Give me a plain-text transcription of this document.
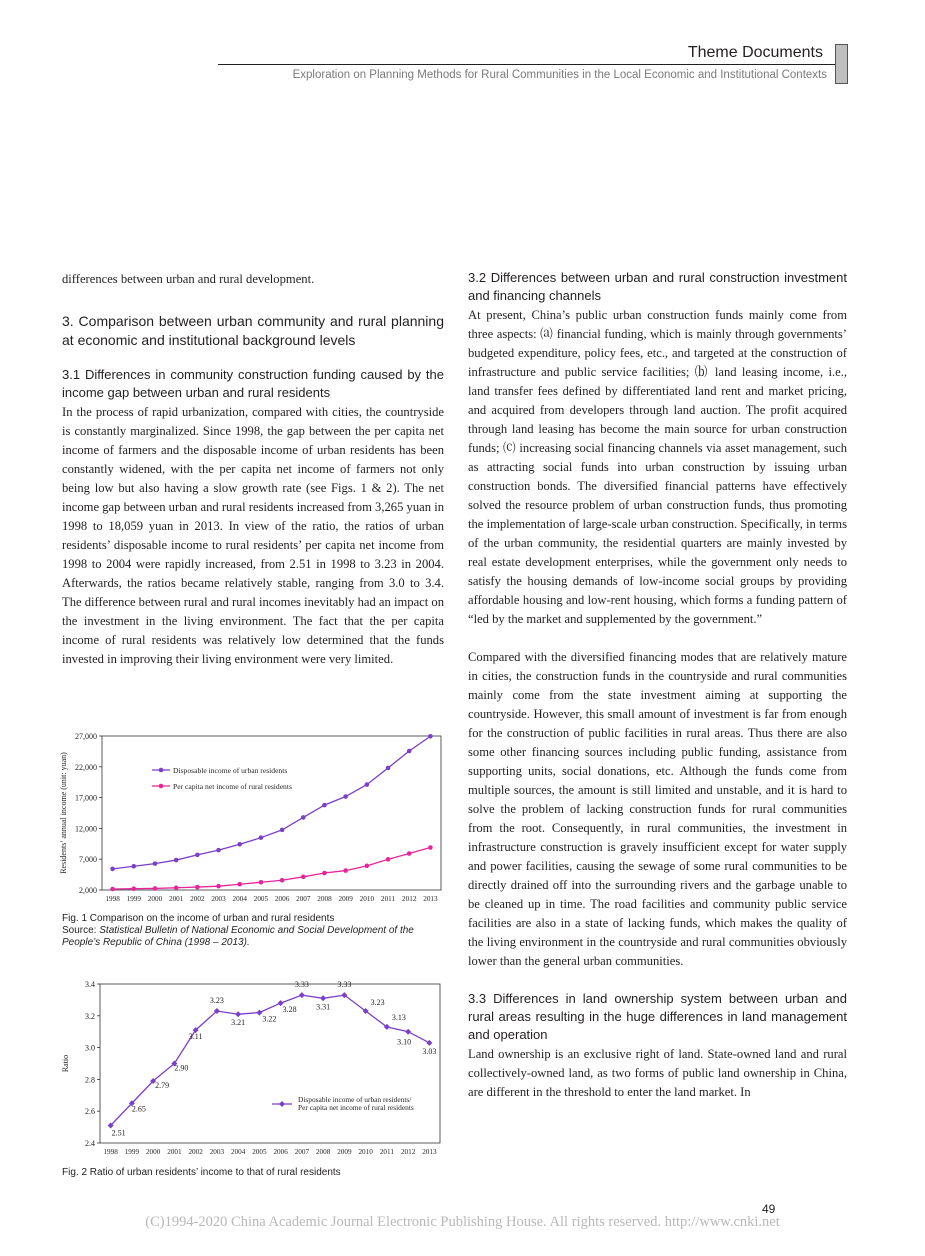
Theme Documents
Exploration on Planning Methods for Rural Communities in the Local Economic and Institutional Contexts

differences between urban and rural development.

3. Comparison between urban community and rural planning at economic and institutional background levels

3.1 Differences in community construction funding caused by the income gap between urban and rural residents

In the process of rapid urbanization, compared with cities, the countryside is constantly marginalized. Since 1998, the gap between the per capita net income of farmers and the disposable income of urban residents has been constantly widened, with the per capita net income of farmers not only being low but also having a slow growth rate (see Figs. 1 & 2). The net income gap between urban and rural residents increased from 3,265 yuan in 1998 to 18,059 yuan in 2013. In view of the ratio, the ratios of urban residents’ disposable income to rural residents’ per capita net income from 1998 to 2004 were rapidly increased, from 2.51 in 1998 to 3.23 in 2004. Afterwards, the ratios became relatively stable, ranging from 3.0 to 3.4. The difference between rural and rural incomes inevitably had an impact on the investment in the living environment. The fact that the per capita income of rural residents was relatively low determined that the funds invested in improving their living environment were very limited.

2,000
7,000
12,000
17,000
22,000
27,000
1998 1999 2000 2001 2002 2003 2004 2005 2006 2007 2008 2009 2010 2011 2012 2013
Residents’ annual income (unit: yuan)	Disposable income of urban residents
Per capita net income of rural residents
Fig. 1 Comparison on the income of urban and rural residents
Source: Statistical Bulletin of National Economic and Social Development of the People’s Republic of China (1998 – 2013).
2.4
2.6
2.8
3.0
3.2
3.4
1998 1999 2000 2001 2002 2003 2004 2005 2006 2007 2008 2009 2010 2011 2012 2013
Ratio
2.51
2.65
2.79
2.90
3.11
3.23
3.21 3.22
3.28
3.33
3.31
3.33
3.23
3.13
3.10
3.03
Disposable income of urban residents/
Per capita net income of rural residents
Fig. 2 Ratio of urban residents’ income to that of rural residents

3.2 Differences between urban and rural construction investment and financing channels

At present, China’s public urban construction funds mainly come from three aspects: ⒜ financial funding, which is mainly through governments’ budgeted expenditure, policy fees, etc., and targeted at the construction of infrastructure and public service facilities; ⒝ land leasing income, i.e., land transfer fees defined by differentiated land rent and market pricing, and acquired from developers through land auction. The profit acquired through land leasing has become the main source for urban construction funds; ⒞ increasing social financing channels via asset management, such as attracting social funds into urban construction by issuing urban construction bonds. The diversified financial patterns have effectively solved the resource problem of urban construction funds, thus promoting the implementation of large-scale urban construction. Specifically, in terms of the urban community, the residential quarters are mainly invested by real estate development enterprises, while the government only needs to satisfy the housing demands of low-income social groups by providing affordable housing and low-rent housing, which forms a funding pattern of “led by the market and supplemented by the government.”

Compared with the diversified financing modes that are relatively mature in cities, the construction funds in the countryside and rural communities mainly come from the state investment aiming at supporting the countryside. However, this small amount of investment is far from enough for the construction of public facilities in rural areas. Thus there are also some other financing sources including public funding, assistance from supporting units, social donations, etc. Although the funds come from multiple sources, the amount is still limited and unstable, and it is hard to solve the problem of lacking construction funds for rural communities from the root. Consequently, in rural communities, the investment in infrastructure construction is gravely insufficient except for water supply and power facilities, causing the sewage of some rural communities to be directly drained off into the surrounding rivers and the garbage unable to be cleaned up in time. The road facilities and community public service facilities are also in a state of lacking funds, which makes the quality of the living environment in the countryside and rural communities obviously lower than the general urban communities.

3.3 Differences in land ownership system between urban and rural areas resulting in the huge differences in land management and operation

Land ownership is an exclusive right of land. State-owned land and rural collectively-owned land, as two forms of public land ownership in China, are different in the threshold to enter the land market. In

49
(C)1994-2020 China Academic Journal Electronic Publishing House. All rights reserved. http://www.cnki.net
